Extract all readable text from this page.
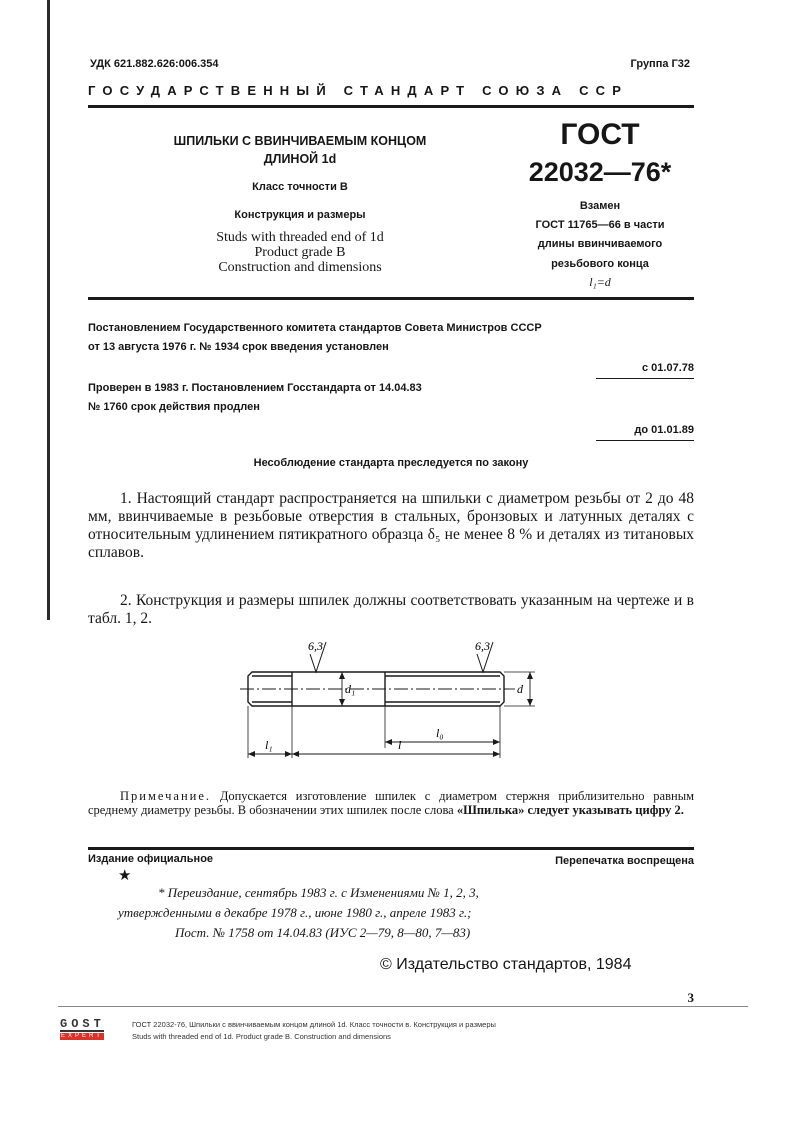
УДК 621.882.626:006.354	Группа Г32
ГОСУДАРСТВЕННЫЙ СТАНДАРТ СОЮЗА ССР
ШПИЛЬКИ С ВВИНЧИВАЕМЫМ КОНЦОМ
ДЛИНОЙ 1d
Класс точности В
Конструкция и размеры
Studs with threaded end of 1d
Product grade B
Construction and dimensions
ГОСТ
22032—76*
Взамен
ГОСТ 11765—66 в части
длины ввинчиваемого
резьбового конца
l₁=d
Постановлением Государственного комитета стандартов Совета Министров СССР
от 13 августа 1976 г. № 1934 срок введения установлен
с 01.07.78
Проверен в 1983 г. Постановлением Госстандарта от 14.04.83
№ 1760 срок действия продлен
до 01.01.89
Несоблюдение стандарта преследуется по закону
1. Настоящий стандарт распространяется на шпильки с диаметром резьбы от 2 до 48 мм, ввинчиваемые в резьбовые отверстия в стальных, бронзовых и латунных деталях с относительным удлинением пятикратного образца δ₅ не менее 8 % и деталях из титановых сплавов.
2. Конструкция и размеры шпилек должны соответствовать указанным на чертеже и в табл. 1, 2.
6,3	6,3
d₁	d
l₀
l₁	l
Примечание. Допускается изготовление шпилек с диаметром стержня приблизительно равным среднему диаметру резьбы. В обозначении этих шпилек после слова «Шпилька» следует указывать цифру 2.
Издание официальное	Перепечатка воспрещена
★
* Переиздание, сентябрь 1983 г. с Изменениями № 1, 2, 3,
утвержденными в декабре 1978 г., июне 1980 г., апреле 1983 г.;
Пост. № 1758 от 14.04.83 (ИУС 2—79, 8—80, 7—83)
© Издательство стандартов, 1984
3
GOST
EXPERT
ГОСТ 22032-76, Шпильки с ввинчиваемым концом длиной 1d. Класс точности в. Конструкция и размеры
Studs with threaded end of 1d. Product grade B. Construction and dimensions
